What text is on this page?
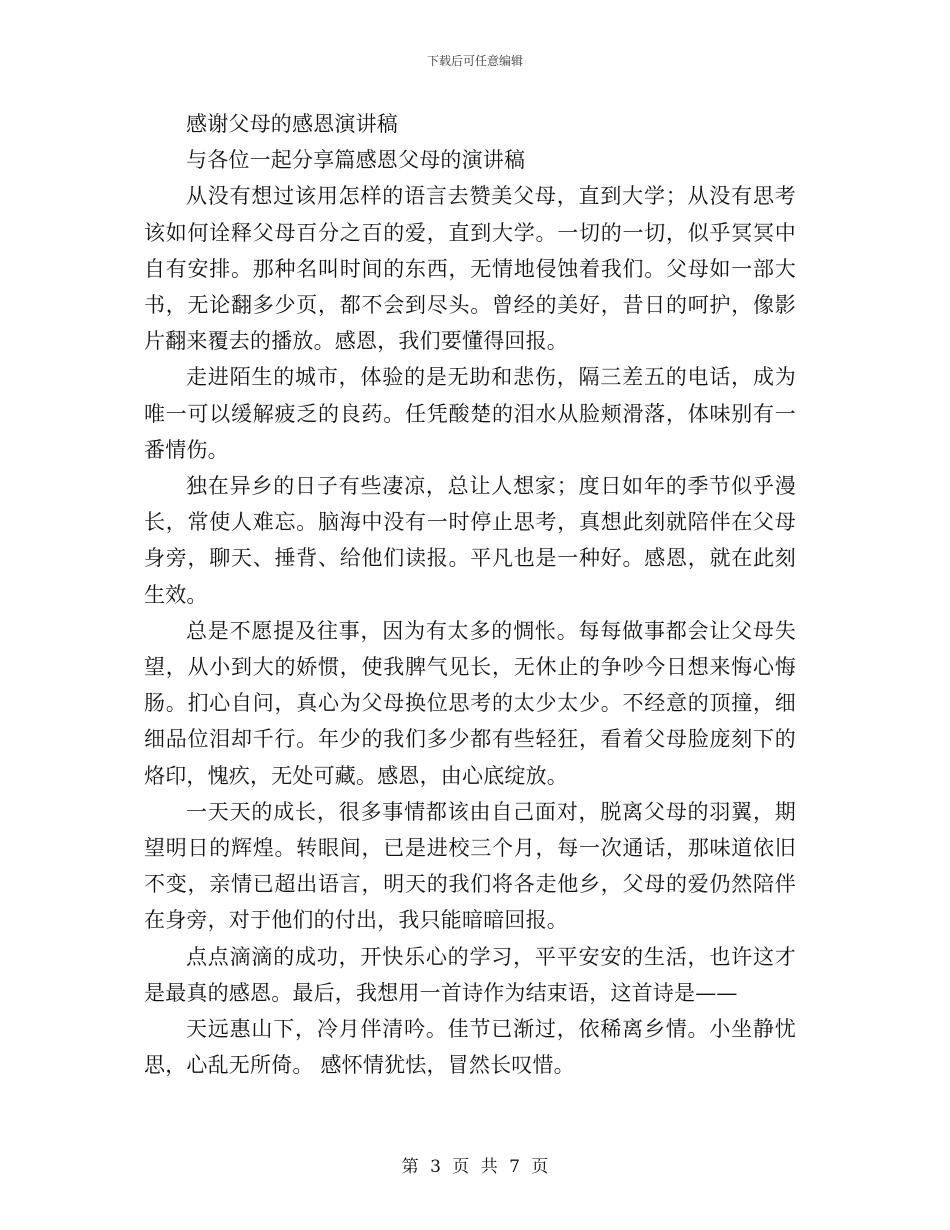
下载后可任意编辑

感谢父母的感恩演讲稿

与各位一起分享篇感恩父母的演讲稿

从没有想过该用怎样的语言去赞美父母，直到大学；从没有思考该如何诠释父母百分之百的爱，直到大学。一切的一切，似乎冥冥中自有安排。那种名叫时间的东西，无情地侵蚀着我们。父母如一部大书，无论翻多少页，都不会到尽头。曾经的美好，昔日的呵护，像影片翻来覆去的播放。感恩，我们要懂得回报。

走进陌生的城市，体验的是无助和悲伤，隔三差五的电话，成为唯一可以缓解疲乏的良药。任凭酸楚的泪水从脸颊滑落，体味别有一番情伤。

独在异乡的日子有些凄凉，总让人想家；度日如年的季节似乎漫长，常使人难忘。脑海中没有一时停止思考，真想此刻就陪伴在父母身旁，聊天、捶背、给他们读报。平凡也是一种好。感恩，就在此刻生效。

总是不愿提及往事，因为有太多的惆怅。每每做事都会让父母失望，从小到大的娇惯，使我脾气见长，无休止的争吵今日想来悔心悔肠。扪心自问，真心为父母换位思考的太少太少。不经意的顶撞，细细品位泪却千行。年少的我们多少都有些轻狂，看着父母脸庞刻下的烙印，愧疚，无处可藏。感恩，由心底绽放。

一天天的成长，很多事情都该由自己面对，脱离父母的羽翼，期望明日的辉煌。转眼间，已是进校三个月，每一次通话，那味道依旧不变，亲情已超出语言，明天的我们将各走他乡，父母的爱仍然陪伴在身旁，对于他们的付出，我只能暗暗回报。

点点滴滴的成功，开快乐心的学习，平平安安的生活，也许这才是最真的感恩。最后，我想用一首诗作为结束语，这首诗是——

天远惠山下，冷月伴清吟。佳节已渐过，依稀离乡情。小坐静忧思，心乱无所倚。 感怀情犹怯，冒然长叹惜。

第 3 页 共 7 页
